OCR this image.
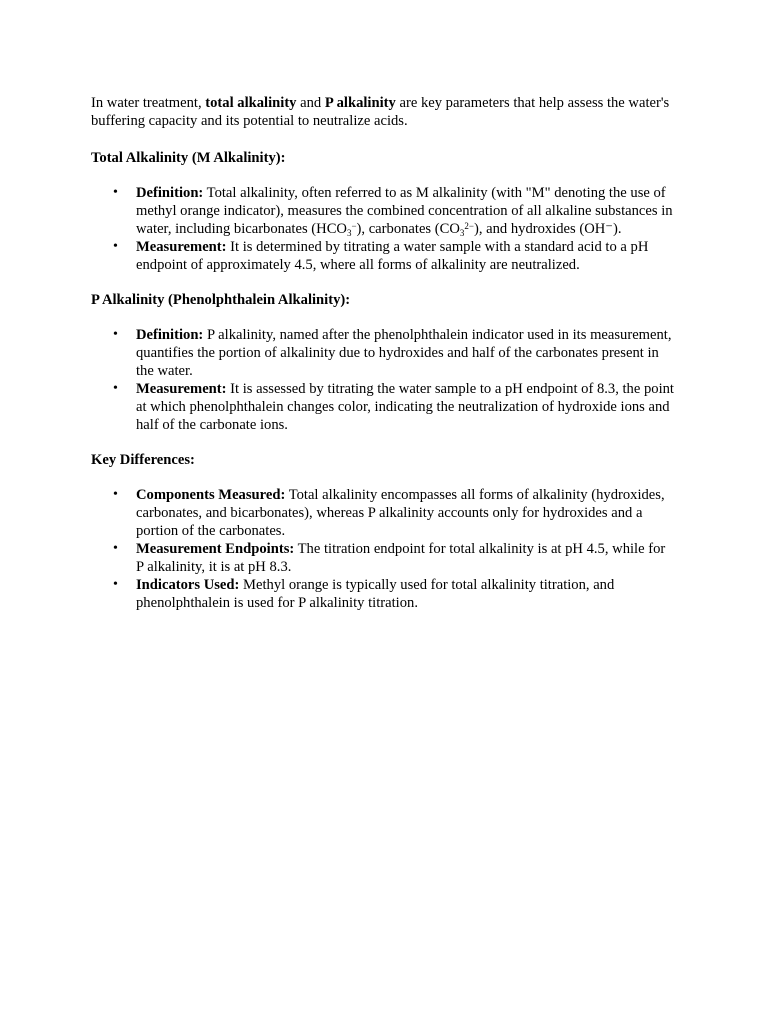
In water treatment, total alkalinity and P alkalinity are key parameters that help assess the water's buffering capacity and its potential to neutralize acids.

Total Alkalinity (M Alkalinity):

• Definition: Total alkalinity, often referred to as M alkalinity (with "M" denoting the use of methyl orange indicator), measures the combined concentration of all alkaline substances in water, including bicarbonates $(HCO_3^-)$, carbonates $(CO_3^{2-})$, and hydroxides (OH⁻).
• Measurement: It is determined by titrating a water sample with a standard acid to a pH endpoint of approximately 4.5, where all forms of alkalinity are neutralized.

P Alkalinity (Phenolphthalein Alkalinity):

• Definition: P alkalinity, named after the phenolphthalein indicator used in its measurement, quantifies the portion of alkalinity due to hydroxides and half of the carbonates present in the water.
• Measurement: It is assessed by titrating the water sample to a pH endpoint of 8.3, the point at which phenolphthalein changes color, indicating the neutralization of hydroxide ions and half of the carbonate ions.

Key Differences:

• Components Measured: Total alkalinity encompasses all forms of alkalinity (hydroxides, carbonates, and bicarbonates), whereas P alkalinity accounts only for hydroxides and a portion of the carbonates.
• Measurement Endpoints: The titration endpoint for total alkalinity is at pH 4.5, while for P alkalinity, it is at pH 8.3.
• Indicators Used: Methyl orange is typically used for total alkalinity titration, and phenolphthalein is used for P alkalinity titration.
